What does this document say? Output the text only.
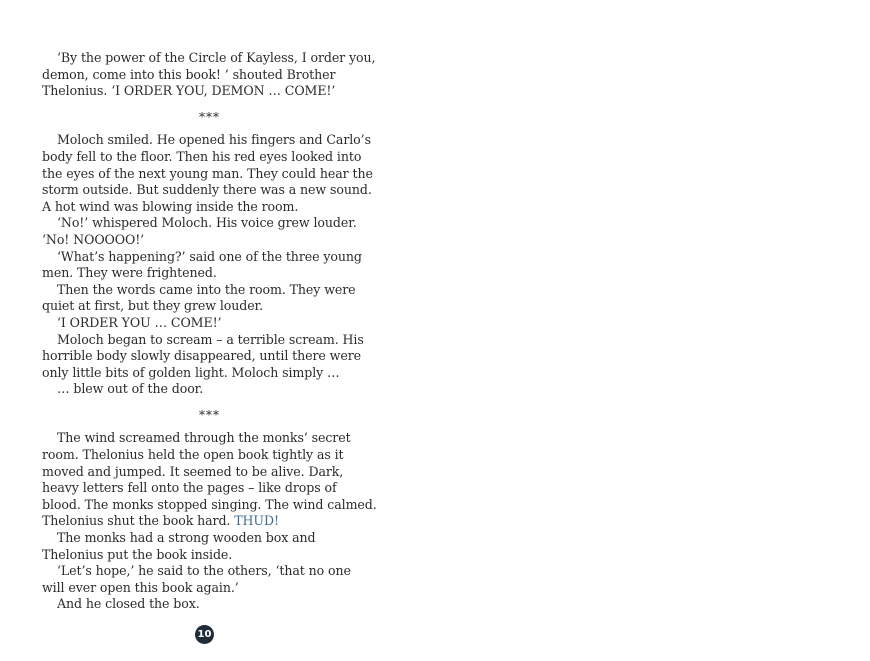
‘By the power of the Circle of Kayless, I order you, demon, come into this book! ’ shouted Brother Thelonius. ‘I ORDER YOU, DEMON … COME!’

***

Moloch smiled. He opened his fingers and Carlo’s body fell to the floor. Then his red eyes looked into the eyes of the next young man. They could hear the storm outside. But suddenly there was a new sound. A hot wind was blowing inside the room.

‘No!’ whispered Moloch. His voice grew louder. ‘No! NOOOOO!’

‘What’s happening?’ said one of the three young men. They were frightened.

Then the words came into the room. They were quiet at first, but they grew louder.

‘I ORDER YOU … COME!’

Moloch began to scream – a terrible scream. His horrible body slowly disappeared, until there were only little bits of golden light. Moloch simply …

… blew out of the door.

***

The wind screamed through the monks’ secret room. Thelonius held the open book tightly as it moved and jumped. It seemed to be alive. Dark, heavy letters fell onto the pages – like drops of blood. The monks stopped singing. The wind calmed. Thelonius shut the book hard. THUD!

The monks had a strong wooden box and Thelonius put the book inside.

‘Let’s hope,’ he said to the others, ‘that no one will ever open this book again.’

And he closed the box.

10
